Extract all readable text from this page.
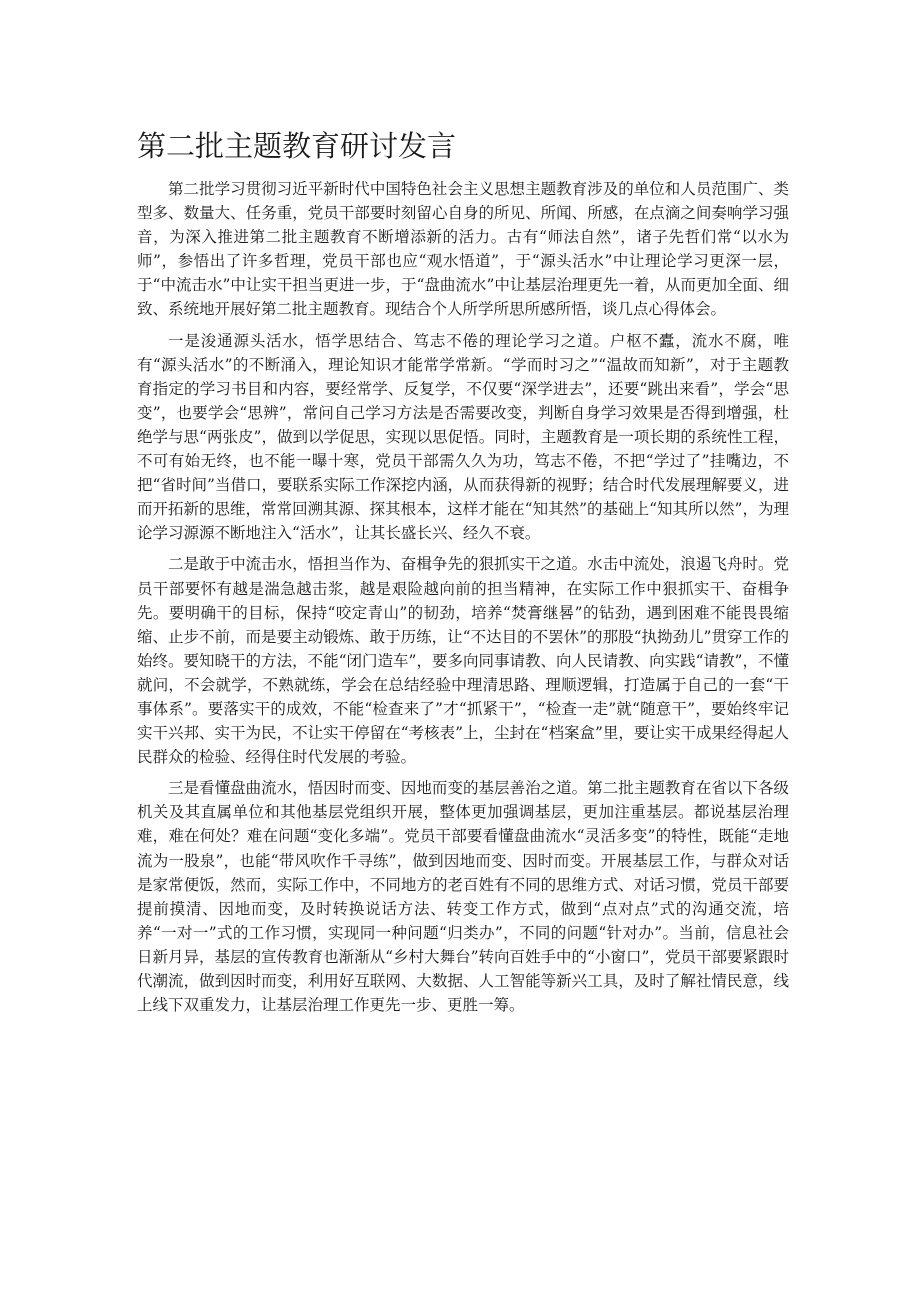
第二批主题教育研讨发言

第二批学习贯彻习近平新时代中国特色社会主义思想主题教育涉及的单位和人员范围广、类型多、数量大、任务重，党员干部要时刻留心自身的所见、所闻、所感，在点滴之间奏响学习强音，为深入推进第二批主题教育不断增添新的活力。古有“师法自然”，诸子先哲们常“以水为师”，参悟出了许多哲理，党员干部也应“观水悟道”，于“源头活水”中让理论学习更深一层，于“中流击水”中让实干担当更进一步，于“盘曲流水”中让基层治理更先一着，从而更加全面、细致、系统地开展好第二批主题教育。现结合个人所学所思所感所悟，谈几点心得体会。

一是浚通源头活水，悟学思结合、笃志不倦的理论学习之道。户枢不蠹，流水不腐，唯有“源头活水”的不断涌入，理论知识才能常学常新。“学而时习之”“温故而知新”，对于主题教育指定的学习书目和内容，要经常学、反复学，不仅要“深学进去”，还要“跳出来看”，学会“思变”，也要学会“思辨”，常问自己学习方法是否需要改变，判断自身学习效果是否得到增强，杜绝学与思“两张皮”，做到以学促思，实现以思促悟。同时，主题教育是一项长期的系统性工程，不可有始无终，也不能一曝十寒，党员干部需久久为功，笃志不倦，不把“学过了”挂嘴边，不把“省时间”当借口，要联系实际工作深挖内涵，从而获得新的视野；结合时代发展理解要义，进而开拓新的思维，常常回溯其源、探其根本，这样才能在“知其然”的基础上“知其所以然”，为理论学习源源不断地注入“活水”，让其长盛长兴、经久不衰。

二是敢于中流击水，悟担当作为、奋楫争先的狠抓实干之道。水击中流处，浪遏飞舟时。党员干部要怀有越是湍急越击浆，越是艰险越向前的担当精神，在实际工作中狠抓实干、奋楫争先。要明确干的目标，保持“咬定青山”的韧劲，培养“焚膏继晷”的钻劲，遇到困难不能畏畏缩缩、止步不前，而是要主动锻炼、敢于历练，让“不达目的不罢休”的那股“执拗劲儿”贯穿工作的始终。要知晓干的方法，不能“闭门造车”，要多向同事请教、向人民请教、向实践“请教”，不懂就问，不会就学，不熟就练，学会在总结经验中理清思路、理顺逻辑，打造属于自己的一套“干事体系”。要落实干的成效，不能“检查来了”才“抓紧干”，“检查一走”就“随意干”，要始终牢记实干兴邦、实干为民，不让实干停留在“考核表”上，尘封在“档案盒”里，要让实干成果经得起人民群众的检验、经得住时代发展的考验。

三是看懂盘曲流水，悟因时而变、因地而变的基层善治之道。第二批主题教育在省以下各级机关及其直属单位和其他基层党组织开展，整体更加强调基层，更加注重基层。都说基层治理难，难在何处？难在问题“变化多端”。党员干部要看懂盘曲流水“灵活多变”的特性，既能“走地流为一股泉”，也能“带风吹作千寻练”，做到因地而变、因时而变。开展基层工作，与群众对话是家常便饭，然而，实际工作中，不同地方的老百姓有不同的思维方式、对话习惯，党员干部要提前摸清、因地而变，及时转换说话方法、转变工作方式，做到“点对点”式的沟通交流，培养“一对一”式的工作习惯，实现同一种问题“归类办”，不同的问题“针对办”。当前，信息社会日新月异，基层的宣传教育也渐渐从“乡村大舞台”转向百姓手中的“小窗口”，党员干部要紧跟时代潮流，做到因时而变，利用好互联网、大数据、人工智能等新兴工具，及时了解社情民意，线上线下双重发力，让基层治理工作更先一步、更胜一筹。
